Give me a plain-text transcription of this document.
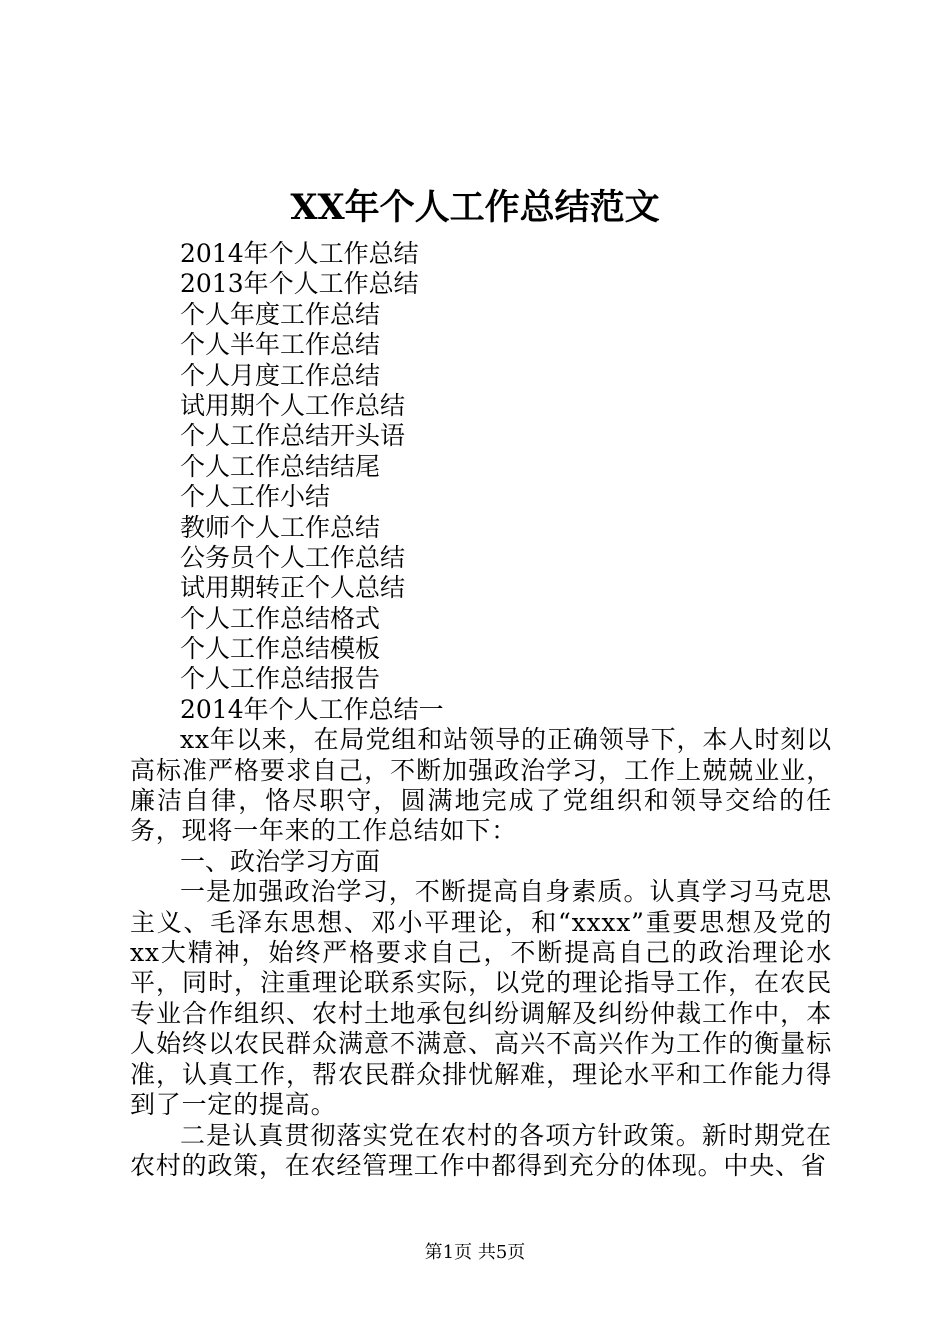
XX年个人工作总结范文
2014年个人工作总结
2013年个人工作总结
个人年度工作总结
个人半年工作总结
个人月度工作总结
试用期个人工作总结
个人工作总结开头语
个人工作总结结尾
个人工作小结
教师个人工作总结
公务员个人工作总结
试用期转正个人总结
个人工作总结格式
个人工作总结模板
个人工作总结报告
2014年个人工作总结一

xx年以来，在局党组和站领导的正确领导下，本人时刻以高标准严格要求自己，不断加强政治学习，工作上兢兢业业，廉洁自律，恪尽职守，圆满地完成了党组织和领导交给的任务，现将一年来的工作总结如下：

一、政治学习方面

一是加强政治学习，不断提高自身素质。认真学习马克思主义、毛泽东思想、邓小平理论，和“xxxx”重要思想及党的xx大精神，始终严格要求自己，不断提高自己的政治理论水平，同时，注重理论联系实际，以党的理论指导工作，在农民专业合作组织、农村土地承包纠纷调解及纠纷仲裁工作中，本人始终以农民群众满意不满意、高兴不高兴作为工作的衡量标准，认真工作，帮农民群众排忧解难，理论水平和工作能力得到了一定的提高。

二是认真贯彻落实党在农村的各项方针政策。新时期党在农村的政策，在农经管理工作中都得到充分的体现。中央、省

第1页 共5页
